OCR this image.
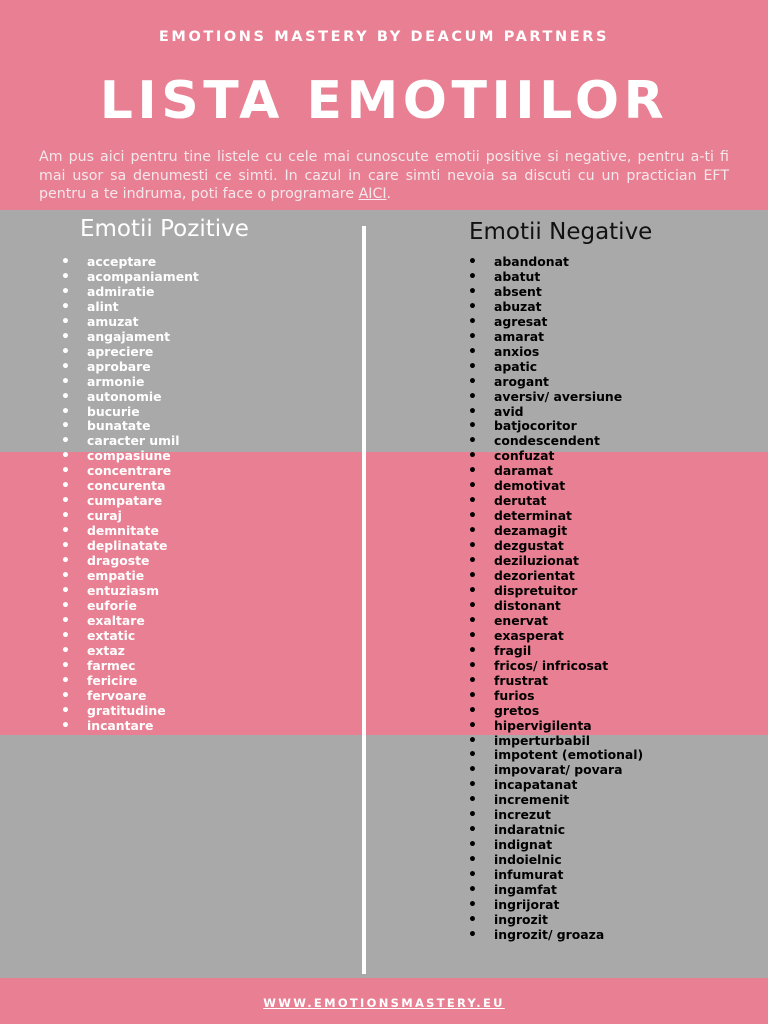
EMOTIONS MASTERY BY DEACUM PARTNERS
LISTA EMOTIILOR

Am pus aici pentru tine listele cu cele mai cunoscute emotii positive si negative, pentru a-ti fi mai usor sa denumesti ce simti. In cazul in care simti nevoia sa discuti cu un practician EFT pentru a te indruma, poti face o programare AICI.

Emotii Pozitive	Emotii Negative
• acceptare
• acompaniament
• admiratie
• alint
• amuzat
• angajament
• apreciere
• aprobare
• armonie
• autonomie
• bucurie
• bunatate
• caracter umil
• compasiune
• concentrare
• concurenta
• cumpatare
• curaj
• demnitate
• deplinatate
• dragoste
• empatie
• entuziasm
• euforie
• exaltare
• extatic
• extaz
• farmec
• fericire
• fervoare
• gratitudine
• incantare
• abandonat
• abatut
• absent
• abuzat
• agresat
• amarat
• anxios
• apatic
• arogant
• aversiv/ aversiune
• avid
• batjocoritor
• condescendent
• confuzat
• daramat
• demotivat
• derutat
• determinat
• dezamagit
• dezgustat
• deziluzionat
• dezorientat
• dispretuitor
• distonant
• enervat
• exasperat
• fragil
• fricos/ infricosat
• frustrat
• furios
• gretos
• hipervigilenta
• imperturbabil
• impotent (emotional)
• impovarat/ povara
• incapatanat
• incremenit
• increzut
• indaratnic
• indignat
• indoielnic
• infumurat
• ingamfat
• ingrijorat
• ingrozit
• ingrozit/ groaza
WWW.EMOTIONSMASTERY.EU
